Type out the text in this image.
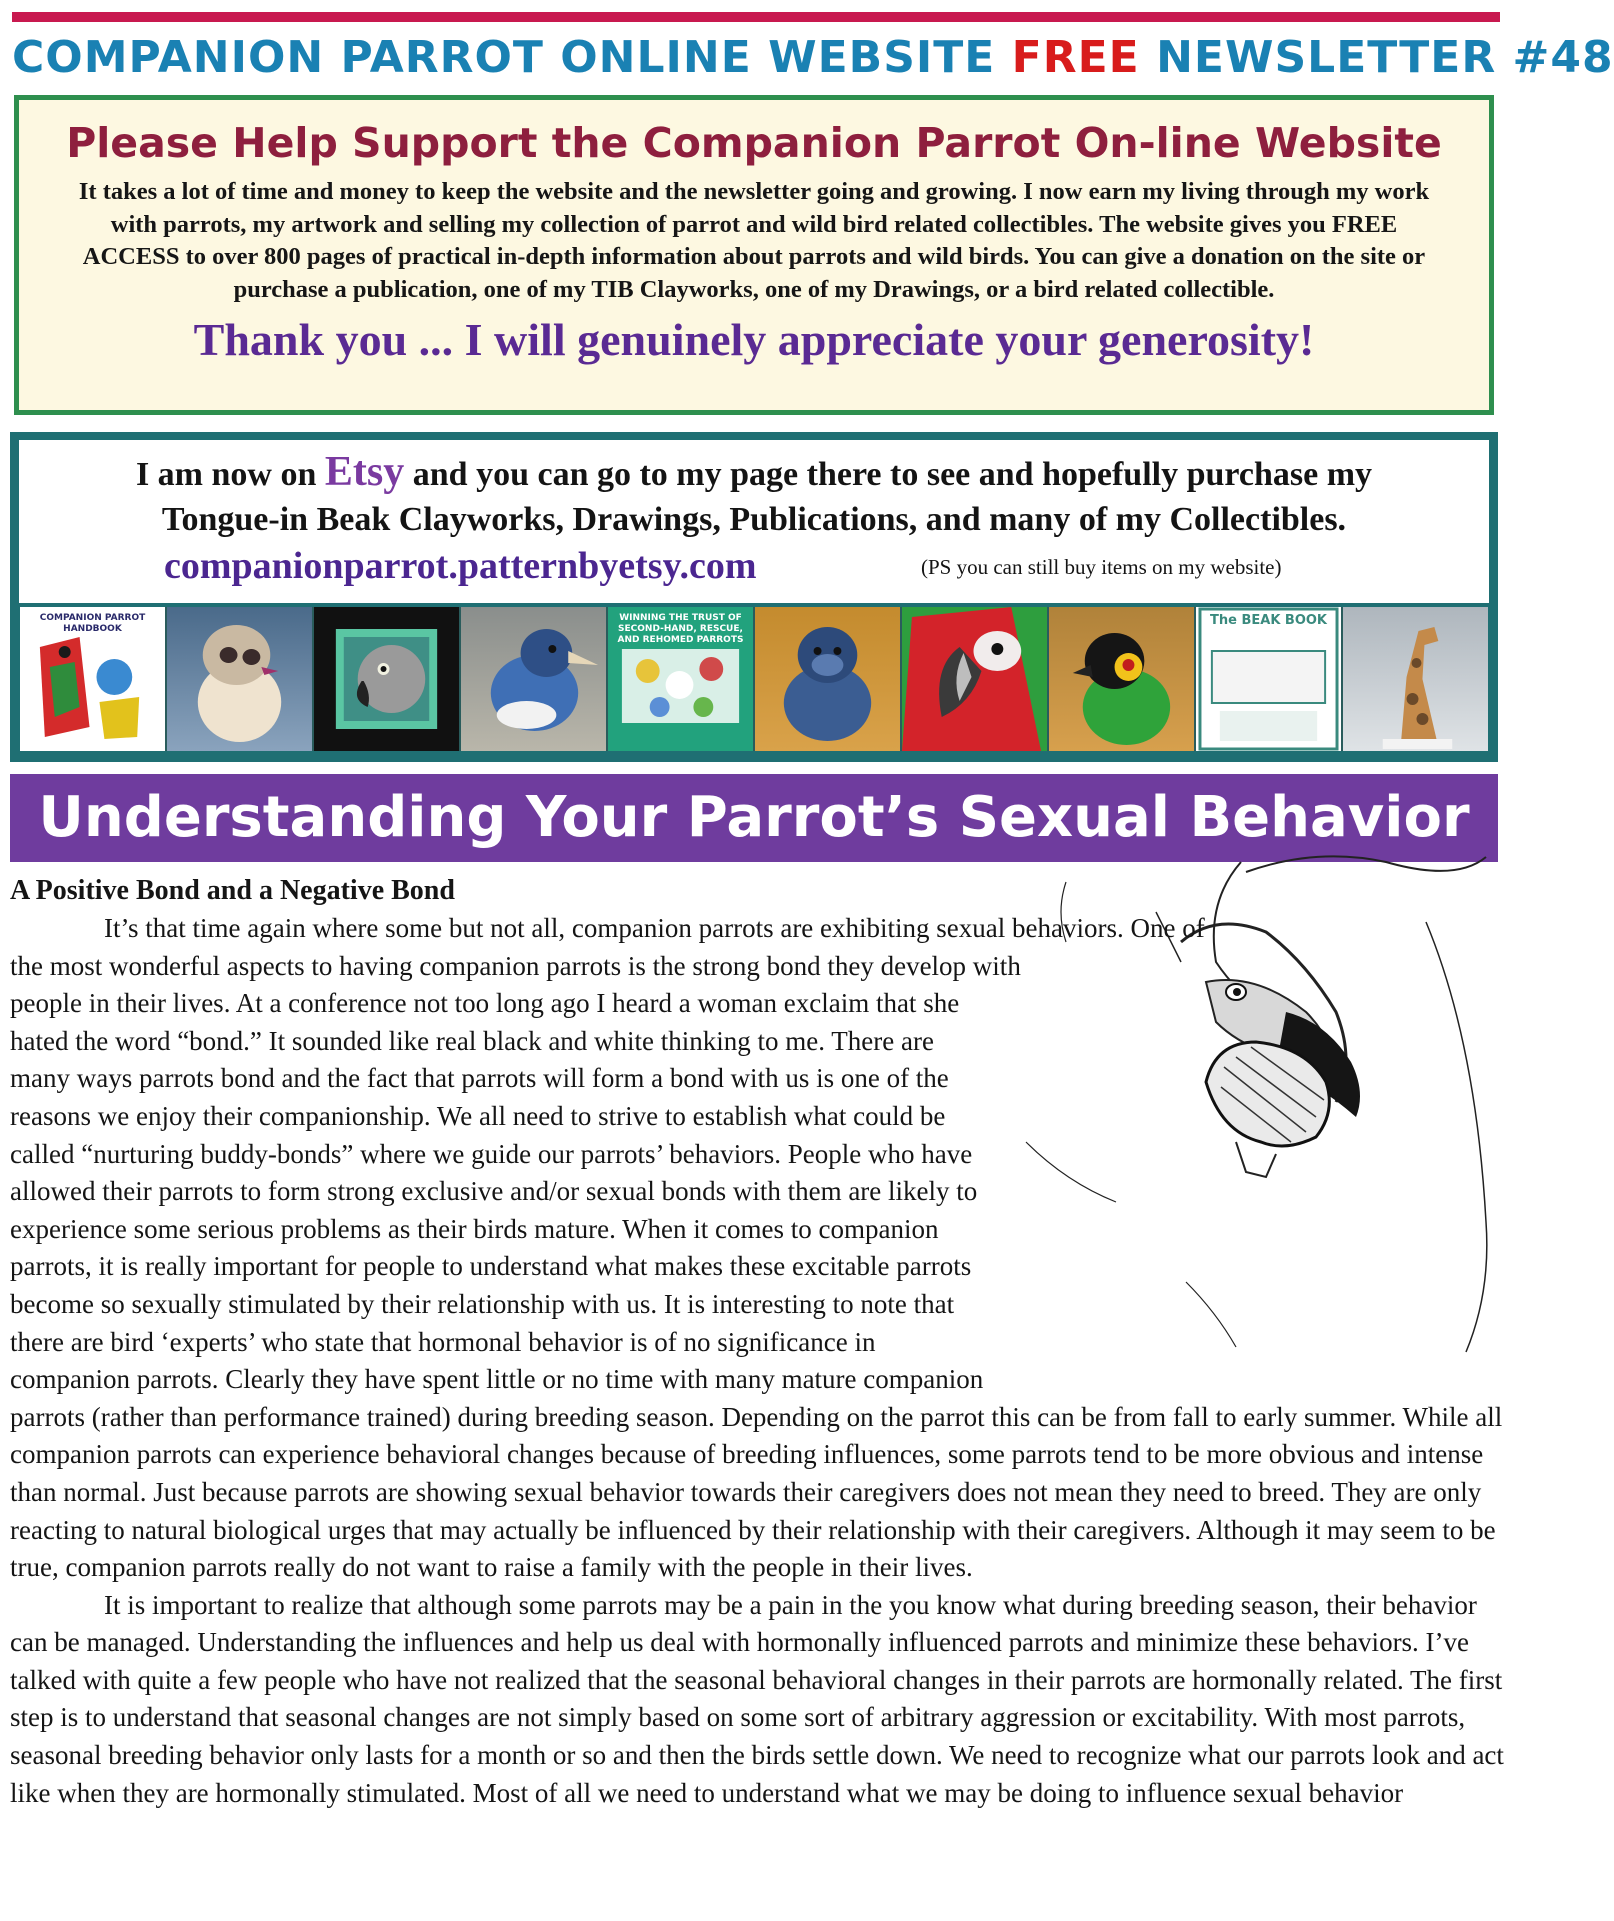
COMPANION PARROT ONLINE WEBSITE FREE NEWSLETTER #48
Please Help Support the Companion Parrot On-line Website
It takes a lot of time and money to keep the website and the newsletter going and growing. I now earn my living through my work with parrots, my artwork and selling my collection of parrot and wild bird related collectibles. The website gives you FREE ACCESS to over 800 pages of practical in-depth information about parrots and wild birds. You can give a donation on the site or purchase a publication, one of my TIB Clayworks, one of my Drawings, or a bird related collectible.
Thank you ... I will genuinely appreciate your generosity!
I am now on Etsy and you can go to my page there to see and hopefully purchase my
Tongue-in Beak Clayworks, Drawings, Publications, and many of my Collectibles.
companionparrot.patternbyetsy.com	(PS you can still buy items on my website)
COMPANION PARROT HANDBOOK
WINNING THE TRUST OF SECOND-HAND, RESCUE, AND REHOMED PARROTS
The BEAK BOOK
Understanding Your Parrot’s Sexual Behavior

A Positive Bond and a Negative Bond

It’s that time again where some but not all, companion parrots are exhibiting sexual behaviors. One of the most wonderful aspects to having companion parrots is the strong bond they develop with people in their lives. At a conference not too long ago I heard a woman exclaim that she hated the word “bond.” It sounded like real black and white thinking to me. There are many ways parrots bond and the fact that parrots will form a bond with us is one of the reasons we enjoy their companionship. We all need to strive to establish what could be called “nurturing buddy-bonds” where we guide our parrots’ behaviors. People who have allowed their parrots to form strong exclusive and/or sexual bonds with them are likely to experience some serious problems as their birds mature. When it comes to companion parrots, it is really important for people to understand what makes these excitable parrots become so sexually stimulated by their relationship with us. It is interesting to note that there are bird ‘experts’ who state that hormonal behavior is of no significance in companion parrots. Clearly they have spent little or no time with many mature companion parrots (rather than performance trained) during breeding season. Depending on the parrot this can be from fall to early summer. While all companion parrots can experience behavioral changes because of breeding influences, some parrots tend to be more obvious and intense than normal. Just because parrots are showing sexual behavior towards their caregivers does not mean they need to breed. They are only reacting to natural biological urges that may actually be influenced by their relationship with their caregivers. Although it may seem to be true, companion parrots really do not want to raise a family with the people in their lives.

It is important to realize that although some parrots may be a pain in the you know what during breeding season, their behavior can be managed. Understanding the influences and help us deal with hormonally influenced parrots and minimize these behaviors. I’ve talked with quite a few people who have not realized that the seasonal behavioral changes in their parrots are hormonally related. The first step is to understand that seasonal changes are not simply based on some sort of arbitrary aggression or excitability. With most parrots, seasonal breeding behavior only lasts for a month or so and then the birds settle down. We need to recognize what our parrots look and act like when they are hormonally stimulated. Most of all we need to understand what we may be doing to influence sexual behavior
